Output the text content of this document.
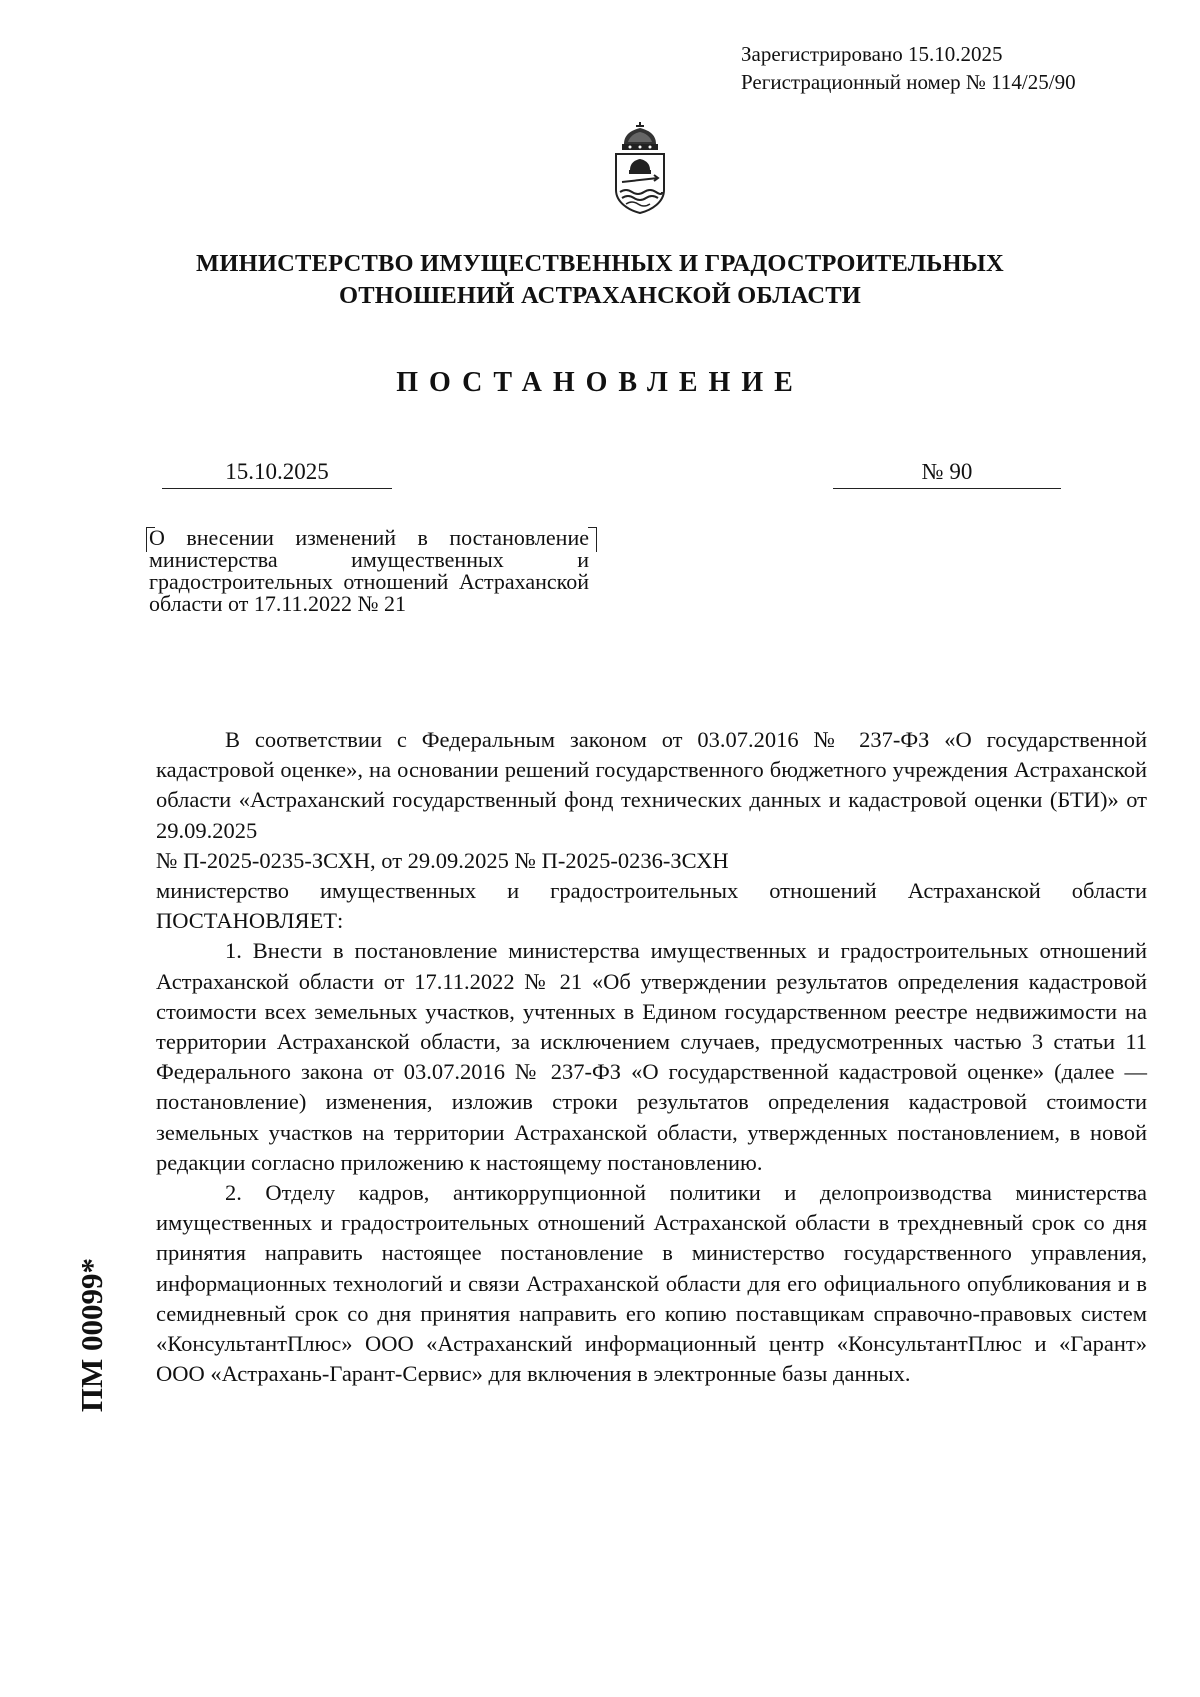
Зарегистрировано 15.10.2025
Регистрационный номер № 114/25/90
МИНИСТЕРСТВО ИМУЩЕСТВЕННЫХ И ГРАДОСТРОИТЕЛЬНЫХ
ОТНОШЕНИЙ АСТРАХАНСКОЙ ОБЛАСТИ
ПОСТАНОВЛЕНИЕ
15.10.2025	№ 90
О внесении изменений в постановление министерства имущественных и градостроительных отношений Астраханской области от 17.11.2022 № 21

В соответствии с Федеральным законом от 03.07.2016 № 237-ФЗ «О государственной кадастровой оценке», на основании решений государственного бюджетного учреждения Астраханской области «Астраханский государственный фонд технических данных и кадастровой оценки (БТИ)» от 29.09.2025

№ П-2025-0235-ЗСХН, от 29.09.2025 № П-2025-0236-ЗСХН

министерство имущественных и градостроительных отношений Астраханской области ПОСТАНОВЛЯЕТ:

1. Внести в постановление министерства имущественных и градостроительных отношений Астраханской области от 17.11.2022 № 21 «Об утверждении результатов определения кадастровой стоимости всех земельных участков, учтенных в Едином государственном реестре недвижимости на территории Астраханской области, за исключением случаев, предусмотренных частью 3 статьи 11 Федерального закона от 03.07.2016 № 237-ФЗ «О государственной кадастровой оценке» (далее — постановление) изменения, изложив строки результатов определения кадастровой стоимости земельных участков на территории Астраханской области, утвержденных постановлением, в новой редакции согласно приложению к настоящему постановлению.

2. Отделу кадров, антикоррупционной политики и делопроизводства министерства имущественных и градостроительных отношений Астраханской области в трехдневный срок со дня принятия направить настоящее постановление в министерство государственного управления, информационных технологий и связи Астраханской области для его официального опубликования и в семидневный срок со дня принятия направить его копию поставщикам справочно-правовых систем «КонсультантПлюс» ООО «Астраханский информационный центр «КонсультантПлюс и «Гарант» ООО «Астрахань-Гарант-Сервис» для включения в электронные базы данных.

ПМ 00099*
